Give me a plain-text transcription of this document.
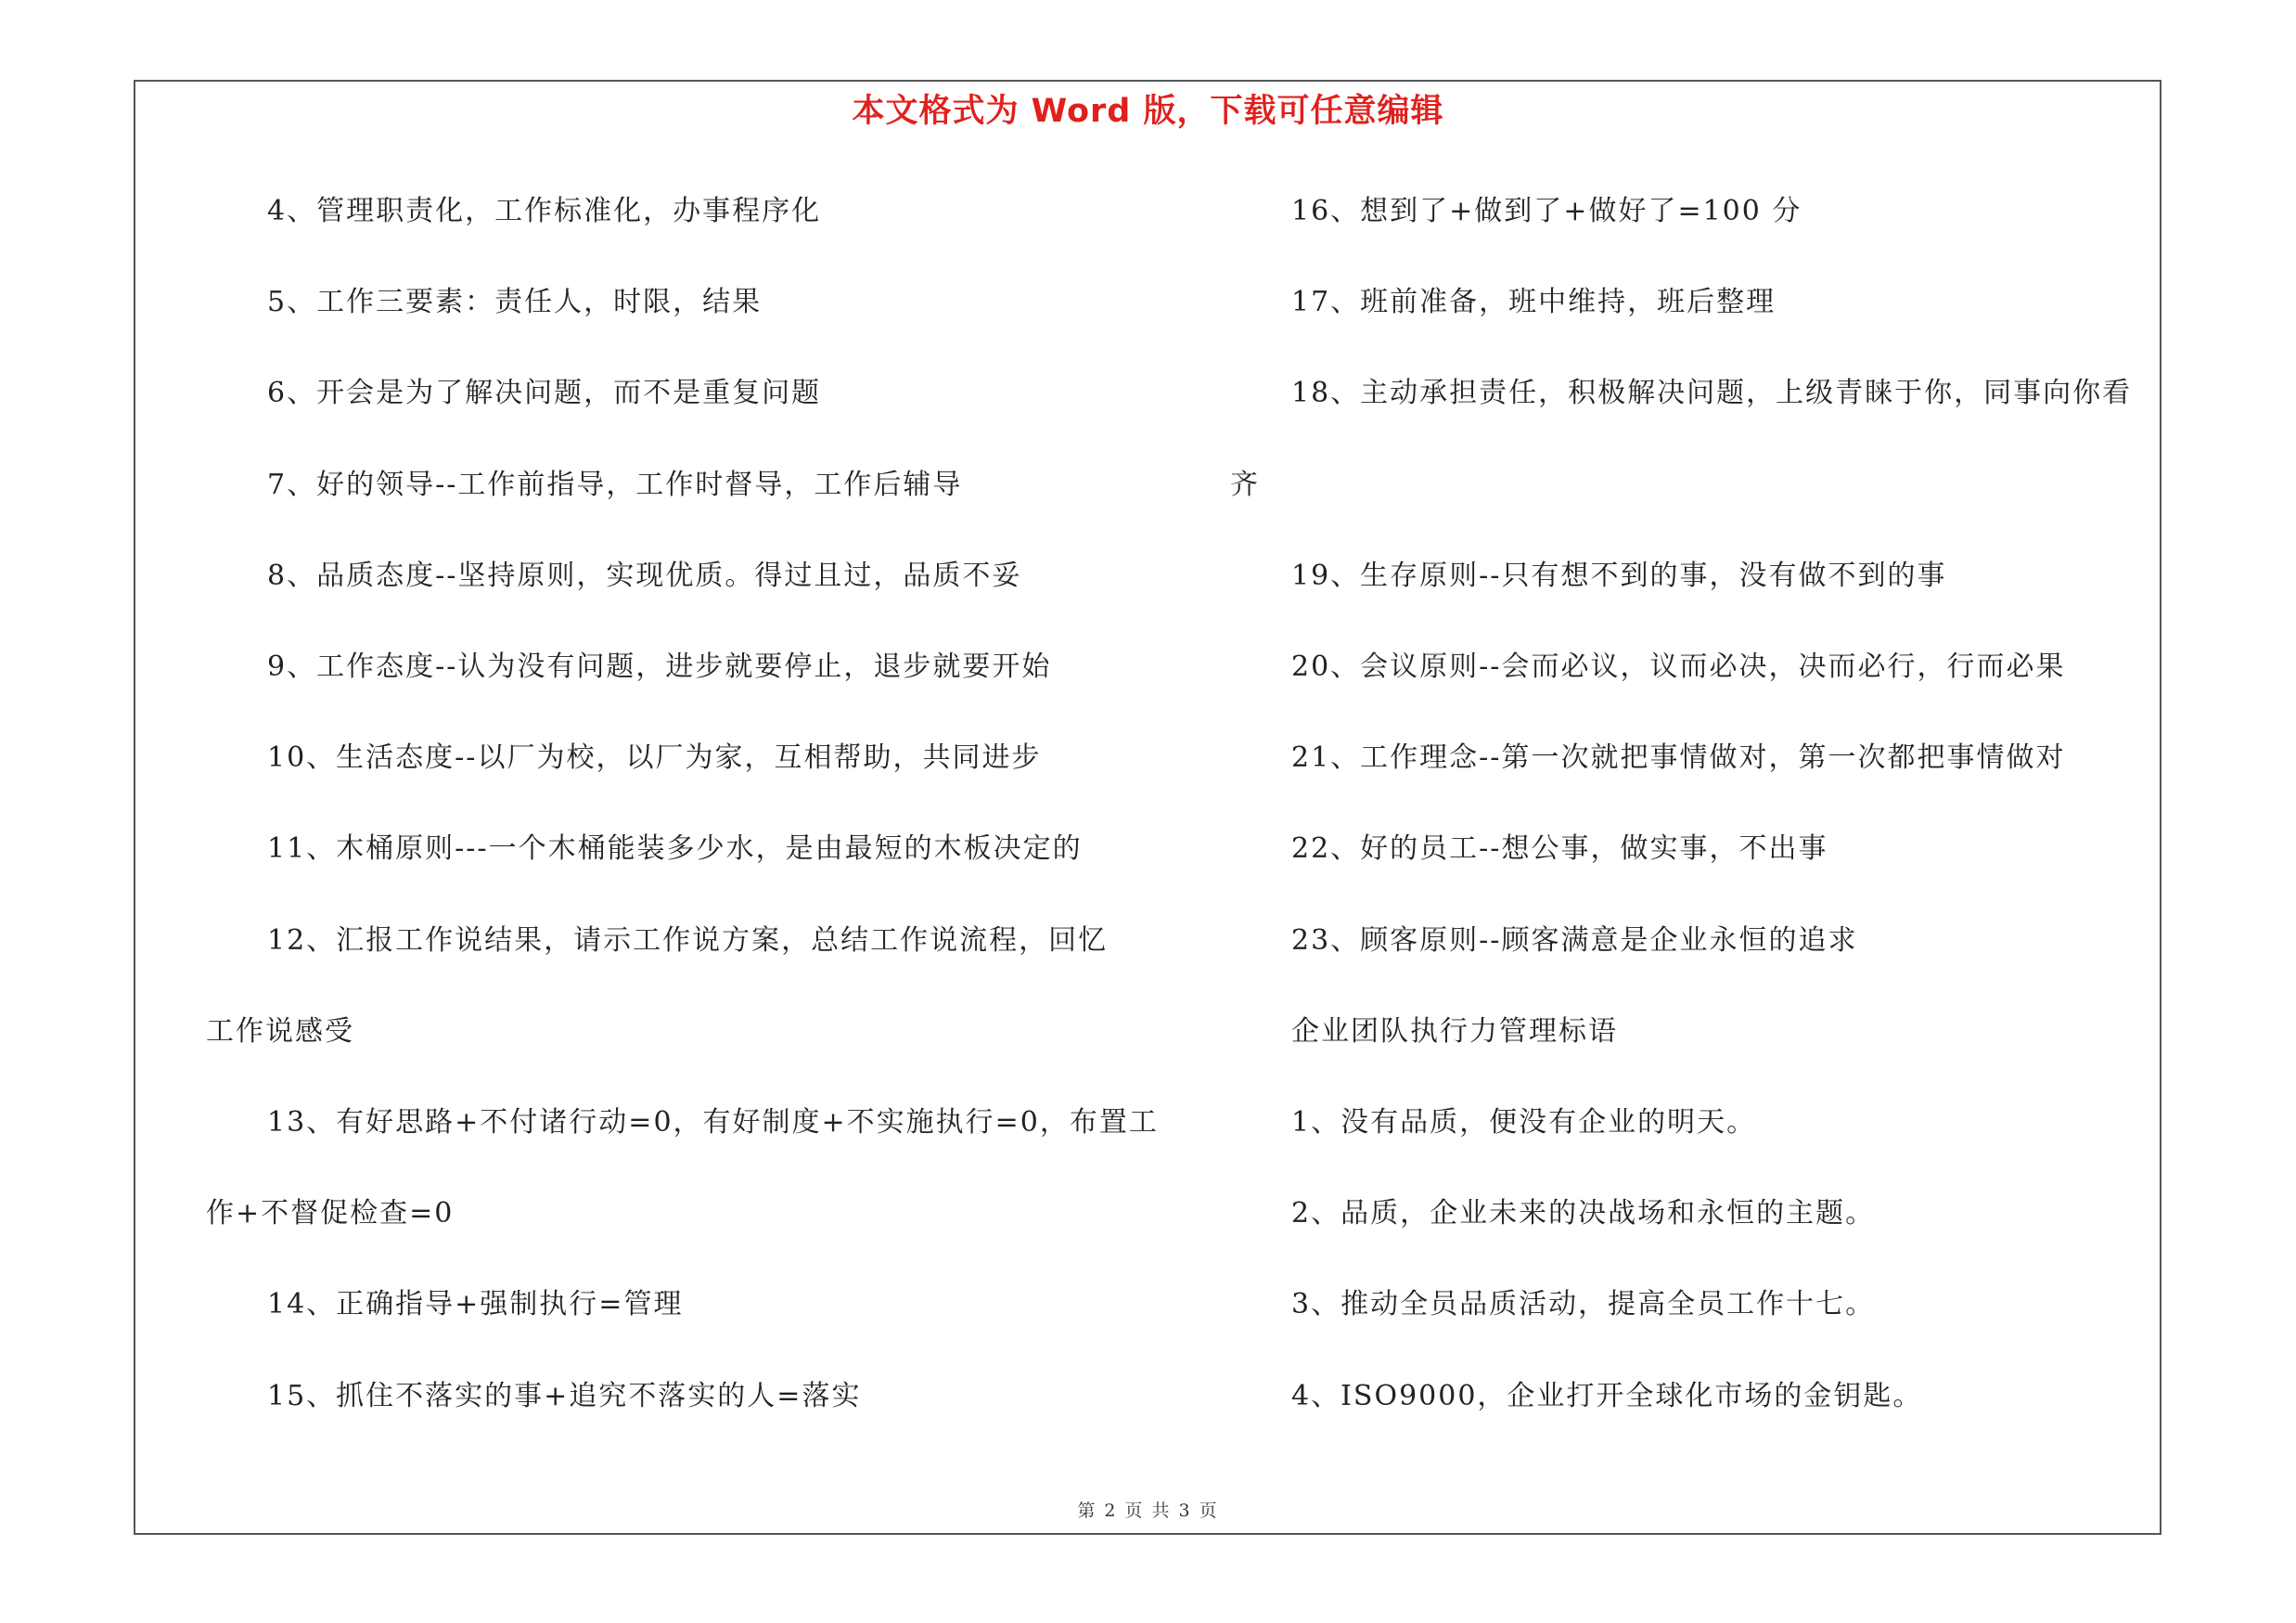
本文格式为 Word 版，下载可任意编辑
4、管理职责化，工作标准化，办事程序化
5、工作三要素：责任人，时限，结果
6、开会是为了解决问题，而不是重复问题
7、好的领导--工作前指导，工作时督导，工作后辅导
8、品质态度--坚持原则，实现优质。得过且过，品质不妥
9、工作态度--认为没有问题，进步就要停止，退步就要开始
10、生活态度--以厂为校，以厂为家，互相帮助，共同进步
11、木桶原则---一个木桶能装多少水，是由最短的木板决定的
12、汇报工作说结果，请示工作说方案，总结工作说流程，回忆
工作说感受
13、有好思路+不付诸行动=0，有好制度+不实施执行=0，布置工
作+不督促检查=0
14、正确指导+强制执行=管理
15、抓住不落实的事+追究不落实的人=落实
16、想到了+做到了+做好了=100 分
17、班前准备，班中维持，班后整理
18、主动承担责任，积极解决问题，上级青睐于你，同事向你看
齐
19、生存原则--只有想不到的事，没有做不到的事
20、会议原则--会而必议，议而必决，决而必行，行而必果
21、工作理念--第一次就把事情做对，第一次都把事情做对
22、好的员工--想公事，做实事，不出事
23、顾客原则--顾客满意是企业永恒的追求
企业团队执行力管理标语
1、没有品质，便没有企业的明天。
2、品质，企业未来的决战场和永恒的主题。
3、推动全员品质活动，提高全员工作十七。
4、ISO9000，企业打开全球化市场的金钥匙。
第 2 页 共 3 页
